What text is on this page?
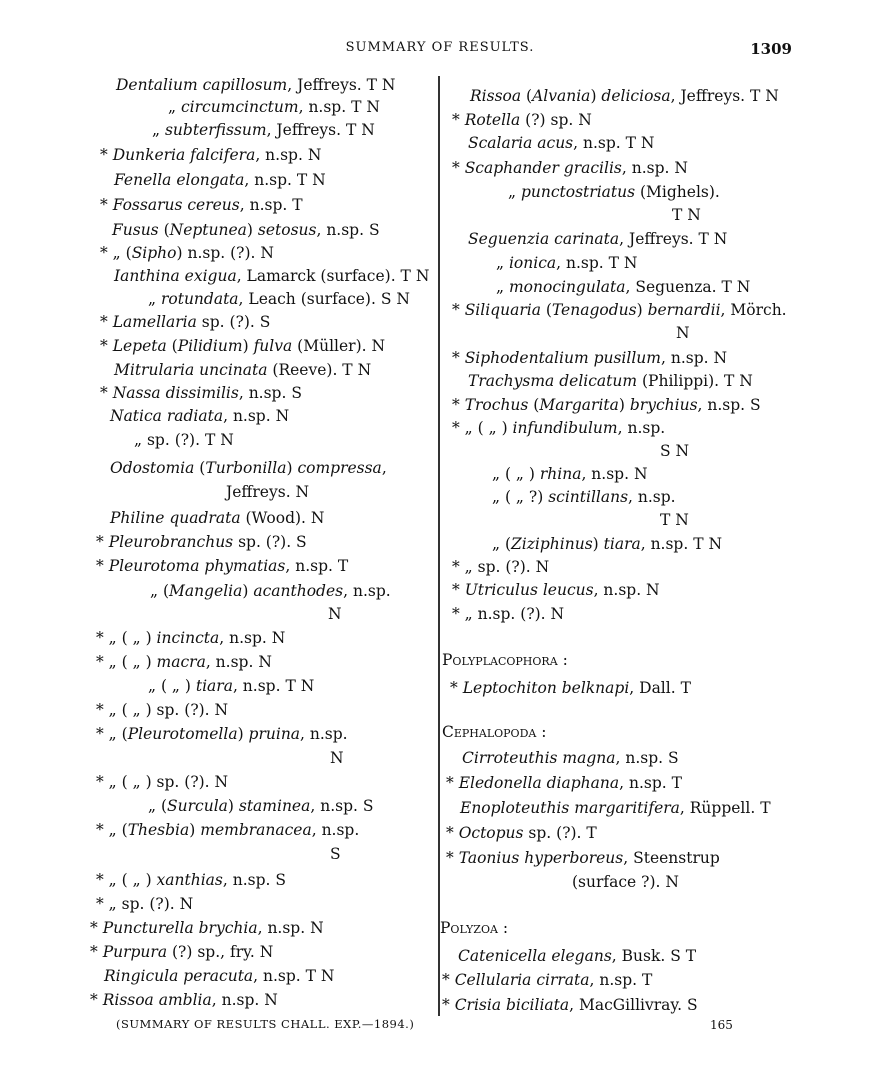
SUMMARY OF RESULTS.	1309
Dentalium capillosum, Jeffreys. T N
„ circumcinctum, n.sp. T N
„ subterfissum, Jeffreys. T N
* Dunkeria falcifera, n.sp. N
Fenella elongata, n.sp. T N
* Fossarus cereus, n.sp. T
Fusus (Neptunea) setosus, n.sp. S
* „ (Sipho) n.sp. (?). N
Ianthina exigua, Lamarck (surface). T N
„ rotundata, Leach (surface). S N
* Lamellaria sp. (?). S
* Lepeta (Pilidium) fulva (Müller). N
Mitrularia uncinata (Reeve). T N
* Nassa dissimilis, n.sp. S
Natica radiata, n.sp. N
„ sp. (?). T N
Odostomia (Turbonilla) compressa,
Jeffreys. N
Philine quadrata (Wood). N
* Pleurobranchus sp. (?). S
* Pleurotoma phymatias, n.sp. T
„ (Mangelia) acanthodes, n.sp.
N
* „ ( „ ) incincta, n.sp. N
* „ ( „ ) macra, n.sp. N
„ ( „ ) tiara, n.sp. T N
* „ ( „ ) sp. (?). N
* „ (Pleurotomella) pruina, n.sp.
N
* „ ( „ ) sp. (?). N
„ (Surcula) staminea, n.sp. S
* „ (Thesbia) membranacea, n.sp.
S
* „ ( „ ) xanthias, n.sp. S
* „ sp. (?). N
* Puncturella brychia, n.sp. N
* Purpura (?) sp., fry. N
Ringicula peracuta, n.sp. T N
* Rissoa amblia, n.sp. N
Rissoa (Alvania) deliciosa, Jeffreys. T N
* Rotella (?) sp. N
Scalaria acus, n.sp. T N
* Scaphander gracilis, n.sp. N
„ punctostriatus (Mighels).
T N
Seguenzia carinata, Jeffreys. T N
„ ionica, n.sp. T N
„ monocingulata, Seguenza. T N
* Siliquaria (Tenagodus) bernardii, Mörch.
N
* Siphodentalium pusillum, n.sp. N
Trachysma delicatum (Philippi). T N
* Trochus (Margarita) brychius, n.sp. S
* „ ( „ ) infundibulum, n.sp.
S N
„ ( „ ) rhina, n.sp. N
„ ( „ ?) scintillans, n.sp.
T N
„ (Ziziphinus) tiara, n.sp. T N
* „ sp. (?). N
* Utriculus leucus, n.sp. N
* „ n.sp. (?). N
Polyplacophora :
* Leptochiton belknapi, Dall. T
Cephalopoda :
Cirroteuthis magna, n.sp. S
* Eledonella diaphana, n.sp. T
Enoploteuthis margaritifera, Rüppell. T
* Octopus sp. (?). T
* Taonius hyperboreus, Steenstrup
(surface ?). N
Polyzoa :
Catenicella elegans, Busk. S T
* Cellularia cirrata, n.sp. T
* Crisia biciliata, MacGillivray. S
(SUMMARY OF RESULTS CHALL. EXP.—1894.)	165
